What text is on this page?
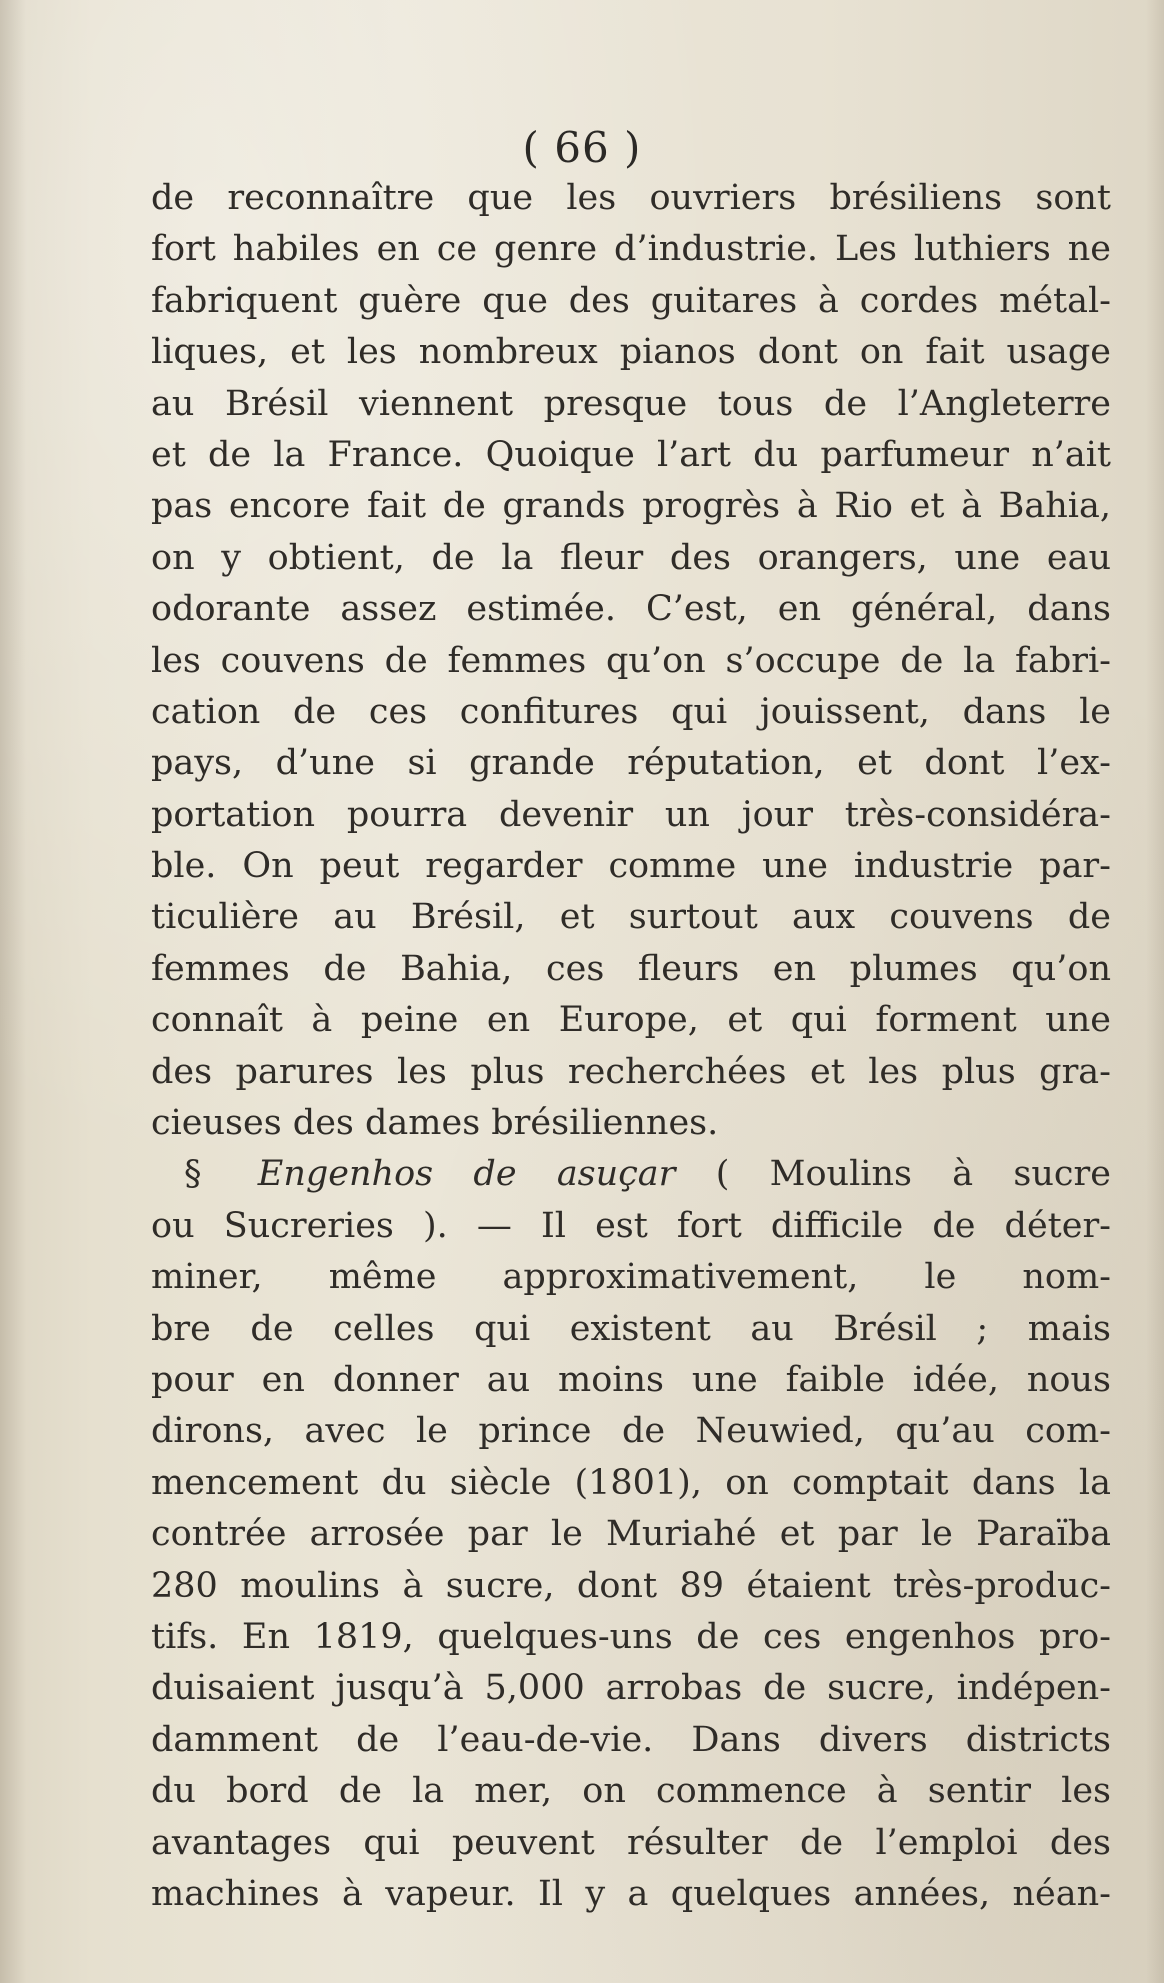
( 66 )
de reconnaître que les ouvriers brésiliens sont
fort habiles en ce genre d’industrie. Les luthiers ne
fabriquent guère que des guitares à cordes métal-
liques, et les nombreux pianos dont on fait usage
au Brésil viennent presque tous de l’Angleterre
et de la France. Quoique l’art du parfumeur n’ait
pas encore fait de grands progrès à Rio et à Bahia,
on y obtient, de la fleur des orangers, une eau
odorante assez estimée. C’est, en général, dans
les couvens de femmes qu’on s’occupe de la fabri-
cation de ces confitures qui jouissent, dans le
pays, d’une si grande réputation, et dont l’ex-
portation pourra devenir un jour très-considéra-
ble. On peut regarder comme une industrie par-
ticulière au Brésil, et surtout aux couvens de
femmes de Bahia, ces fleurs en plumes qu’on
connaît à peine en Europe, et qui forment une
des parures les plus recherchées et les plus gra-
cieuses des dames brésiliennes.
§ Engenhos de asuçar ( Moulins à sucre
ou Sucreries ). — Il est fort difficile de déter-
miner, même approximativement, le nom-
bre de celles qui existent au Brésil ; mais
pour en donner au moins une faible idée, nous
dirons, avec le prince de Neuwied, qu’au com-
mencement du siècle (1801), on comptait dans la
contrée arrosée par le Muriahé et par le Paraïba
280 moulins à sucre, dont 89 étaient très-produc-
tifs. En 1819, quelques-uns de ces engenhos pro-
duisaient jusqu’à 5,000 arrobas de sucre, indépen-
damment de l’eau-de-vie. Dans divers districts
du bord de la mer, on commence à sentir les
avantages qui peuvent résulter de l’emploi des
machines à vapeur. Il y a quelques années, néan-
